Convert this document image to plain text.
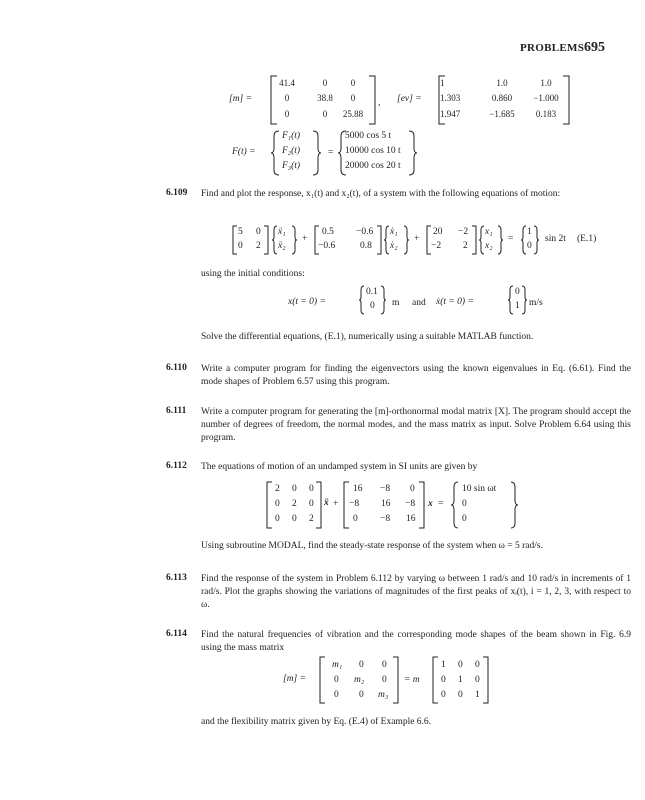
PROBLEMS 695
[m] =
41.4	0	0
0	38.8	0
0	0	25.88
, [ev] =
1	1.0	1.0
1.303	0.860	−1.000
1.947	−1.685	0.183
F(t) =
F₁(t)
F₂(t)
F₃(t)
=
5000 cos 5 t
10000 cos 10 t
20000 cos 20 t
6.109 Find and plot the response, x₁(t) and x₂(t), of a system with the following equations of motion:
5 0
0 2
ẍ₁
ẍ₂
+
0.5 −0.6
−0.6	0.8
ẋ₁
ẋ₂
+
20 −2
−2 2
x₁
x₂
=
1
0
sin 2t (E.1)
using the initial conditions:
x(t = 0) =
0.1
0 m and ẋ(t = 0) =
0
1 m/s
Solve the differential equations, (E.1), numerically using a suitable MATLAB function.
6.110 Write a computer program for finding the eigenvectors using the known eigenvalues in Eq. (6.61). Find the mode shapes of Problem 6.57 using this program.
6.111 Write a computer program for generating the [m]-orthonormal modal matrix [X]. The program should accept the number of degrees of freedom, the normal modes, and the mass matrix as input. Solve Problem 6.64 using this program.
6.112 The equations of motion of an undamped system in SI units are given by
2 0 0
0 2 0
0 0 2
ẍ +
16 −8 0
−8 16 −8
0 −8 16
x =
10 sin ωt
0
0
Using subroutine MODAL, find the steady-state response of the system when ω = 5 rad/s.
6.113 Find the response of the system in Problem 6.112 by varying ω between 1 rad/s and 10 rad/s in increments of 1 rad/s. Plot the graphs showing the variations of magnitudes of the first peaks of xᵢ(t), i = 1, 2, 3, with respect to ω.
6.114 Find the natural frequencies of vibration and the corresponding mode shapes of the beam shown in Fig. 6.9 using the mass matrix
[m] =
m₁ 0 0
0 m₂ 0
0 0 m₃
= m
1 0 0
0 1 0
0 0 1
and the flexibility matrix given by Eq. (E.4) of Example 6.6.
